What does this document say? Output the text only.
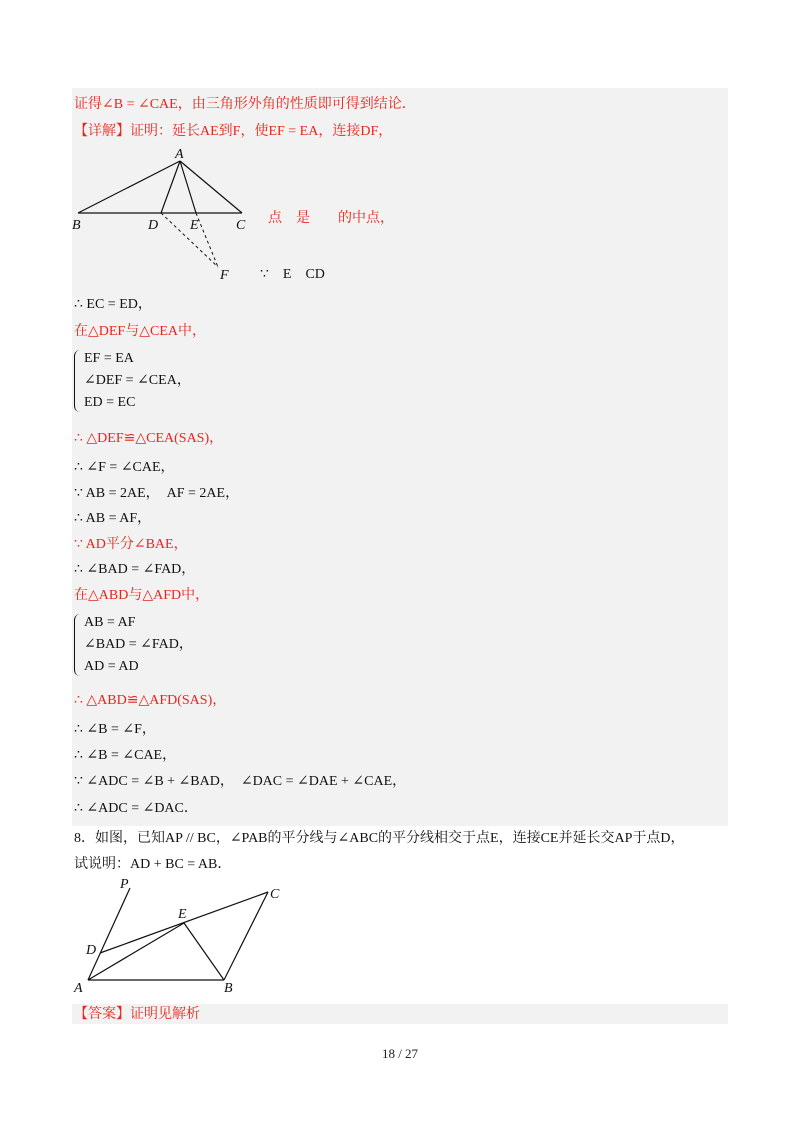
证得∠B = ∠CAE，由三角形外角的性质即可得到结论．
【详解】证明：延长AE到F，使EF = EA，连接DF，
A
B	D E	C
F
点　是　　的中点，
∵　E　CD
∴ EC = ED，
在△DEF与△CEA中，
EF = EA
∠DEF = ∠CEA，
ED = EC
∴ △DEF≌△CEA(SAS)，
∴ ∠F = ∠CAE，
∵ AB = 2AE，　AF = 2AE，
∴ AB = AF，
∵ AD平分∠BAE，
∴ ∠BAD = ∠FAD，
在△ABD与△AFD中，
AB = AF
∠BAD = ∠FAD，
AD = AD
∴ △ABD≌△AFD(SAS)，
∴ ∠B = ∠F，
∴ ∠B = ∠CAE，
∵ ∠ADC = ∠B + ∠BAD，　∠DAC = ∠DAE + ∠CAE，
∴ ∠ADC = ∠DAC．
8．如图，已知AP // BC，∠PAB的平分线与∠ABC的平分线相交于点E，连接CE并延长交AP于点D，
试说明：AD + BC = AB．
P
C
E
D
A	B
【答案】证明见解析
18 / 27
